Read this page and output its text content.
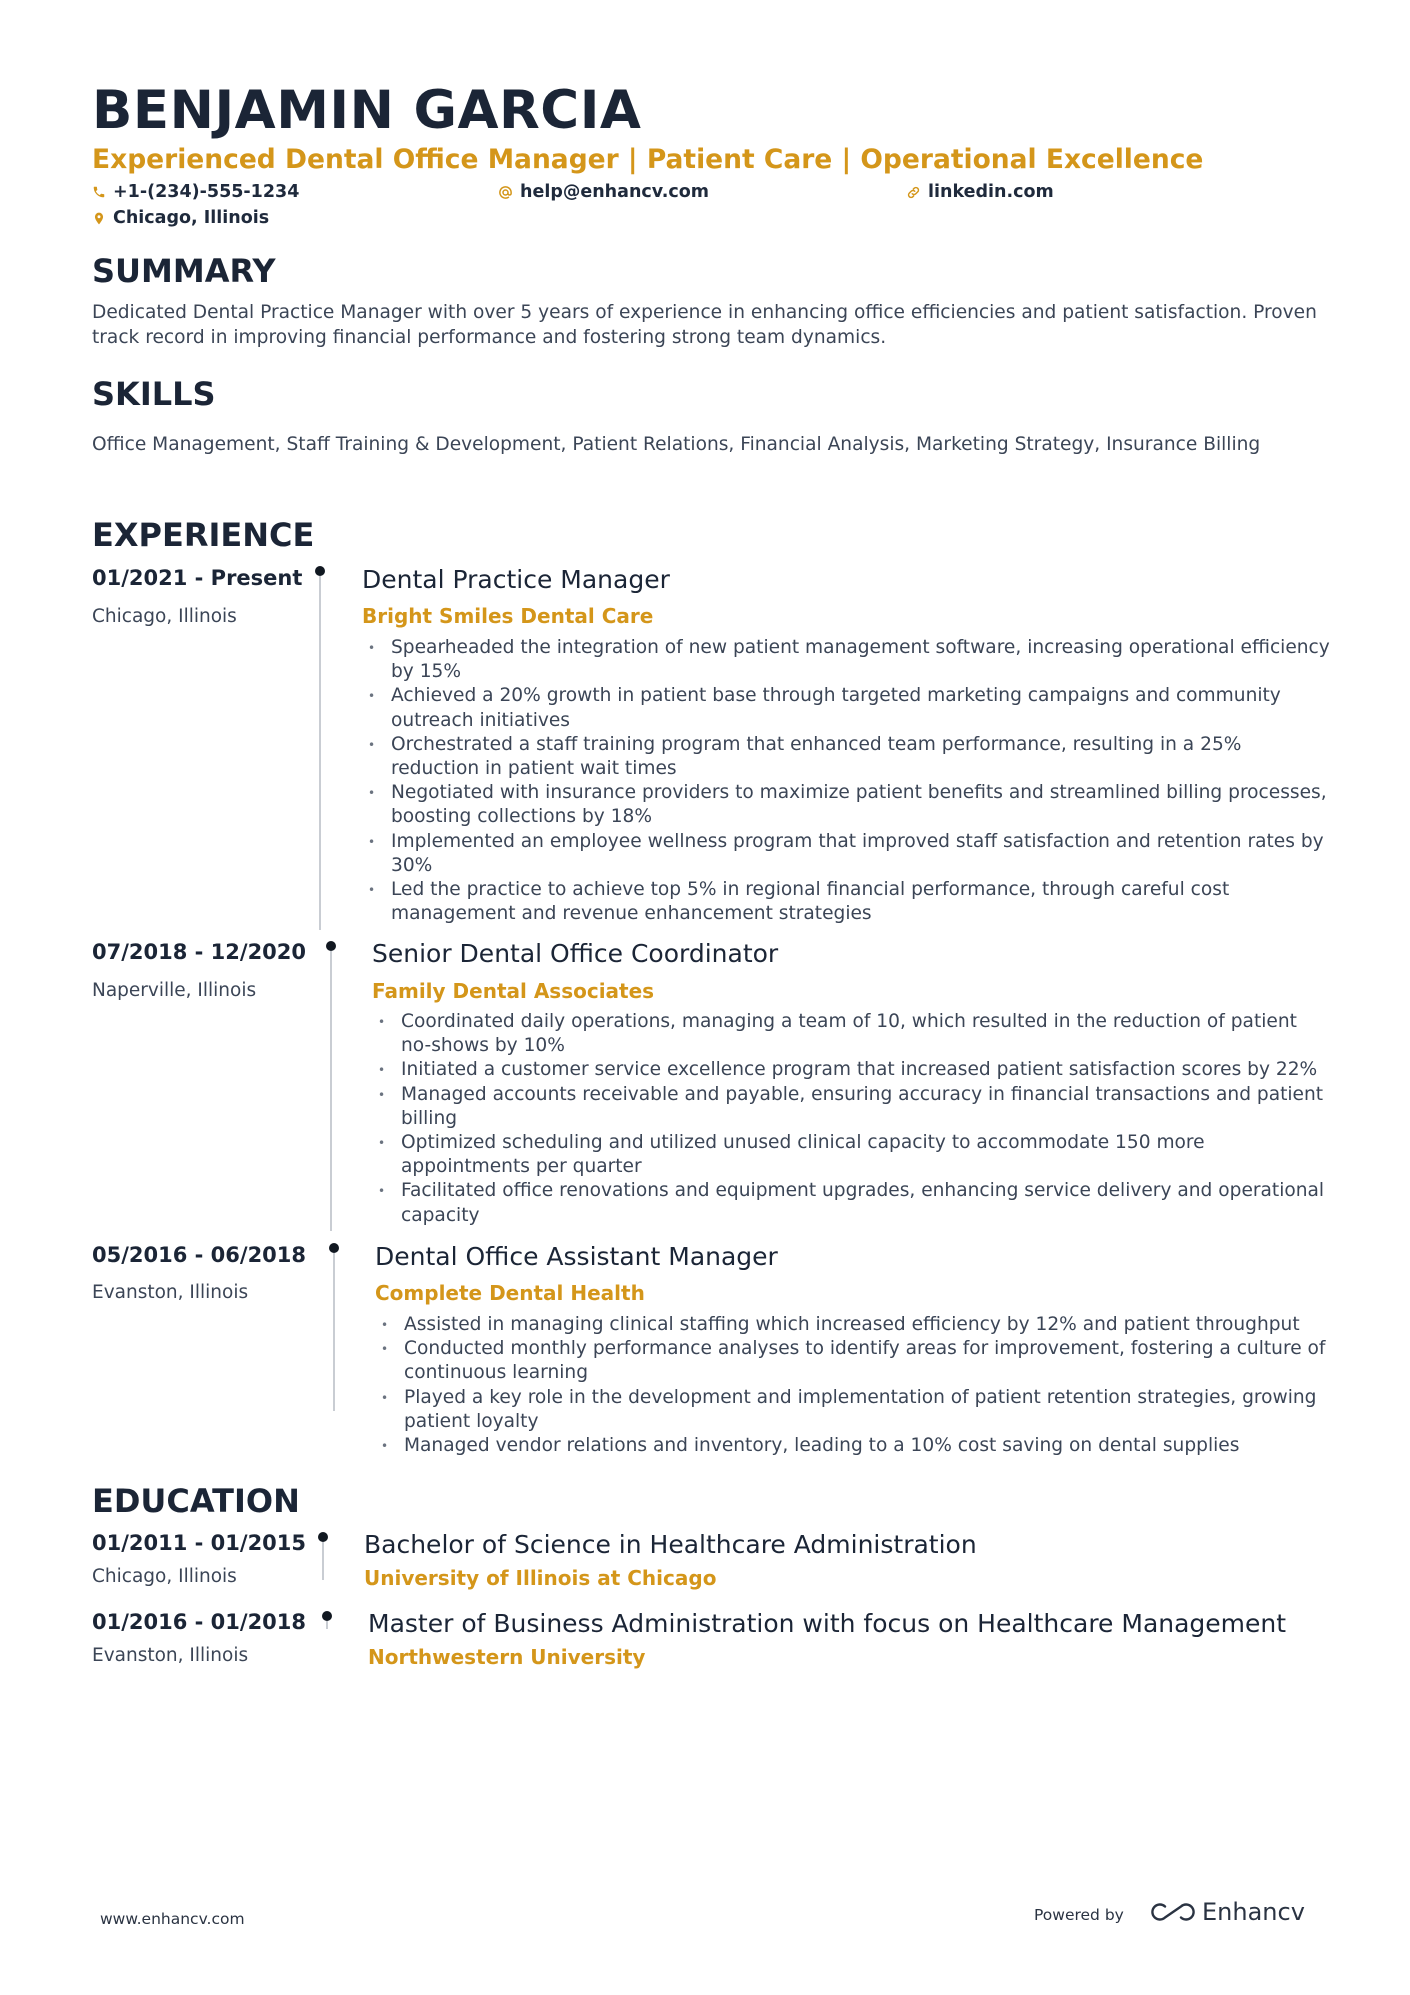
BENJAMIN GARCIA
Experienced Dental Office Manager | Patient Care | Operational Excellence
+1-(234)-555-1234	help@enhancv.com	linkedin.com
Chicago, Illinois
SUMMARY
Dedicated Dental Practice Manager with over 5 years of experience in enhancing office efficiencies and patient satisfaction. Proven track record in improving financial performance and fostering strong team dynamics.
SKILLS
Office Management, Staff Training & Development, Patient Relations, Financial Analysis, Marketing Strategy, Insurance Billing
EXPERIENCE
01/2021 - Present
Chicago, Illinois
Dental Practice Manager
Bright Smiles Dental Care
• Spearheaded the integration of new patient management software, increasing operational efficiency by 15%
• Achieved a 20% growth in patient base through targeted marketing campaigns and community outreach initiatives
• Orchestrated a staff training program that enhanced team performance, resulting in a 25% reduction in patient wait times
• Negotiated with insurance providers to maximize patient benefits and streamlined billing processes, boosting collections by 18%
• Implemented an employee wellness program that improved staff satisfaction and retention rates by 30%
• Led the practice to achieve top 5% in regional financial performance, through careful cost management and revenue enhancement strategies
07/2018 - 12/2020
Naperville, Illinois
Senior Dental Office Coordinator
Family Dental Associates
• Coordinated daily operations, managing a team of 10, which resulted in the reduction of patient no-shows by 10%
• Initiated a customer service excellence program that increased patient satisfaction scores by 22%
• Managed accounts receivable and payable, ensuring accuracy in financial transactions and patient billing
• Optimized scheduling and utilized unused clinical capacity to accommodate 150 more appointments per quarter
• Facilitated office renovations and equipment upgrades, enhancing service delivery and operational capacity
05/2016 - 06/2018
Evanston, Illinois
Dental Office Assistant Manager
Complete Dental Health
• Assisted in managing clinical staffing which increased efficiency by 12% and patient throughput
• Conducted monthly performance analyses to identify areas for improvement, fostering a culture of continuous learning
• Played a key role in the development and implementation of patient retention strategies, growing patient loyalty
• Managed vendor relations and inventory, leading to a 10% cost saving on dental supplies
EDUCATION
01/2011 - 01/2015
Chicago, Illinois
Bachelor of Science in Healthcare Administration
University of Illinois at Chicago
01/2016 - 01/2018
Evanston, Illinois
Master of Business Administration with focus on Healthcare Management
Northwestern University
www.enhancv.com	Powered by	Enhancv
